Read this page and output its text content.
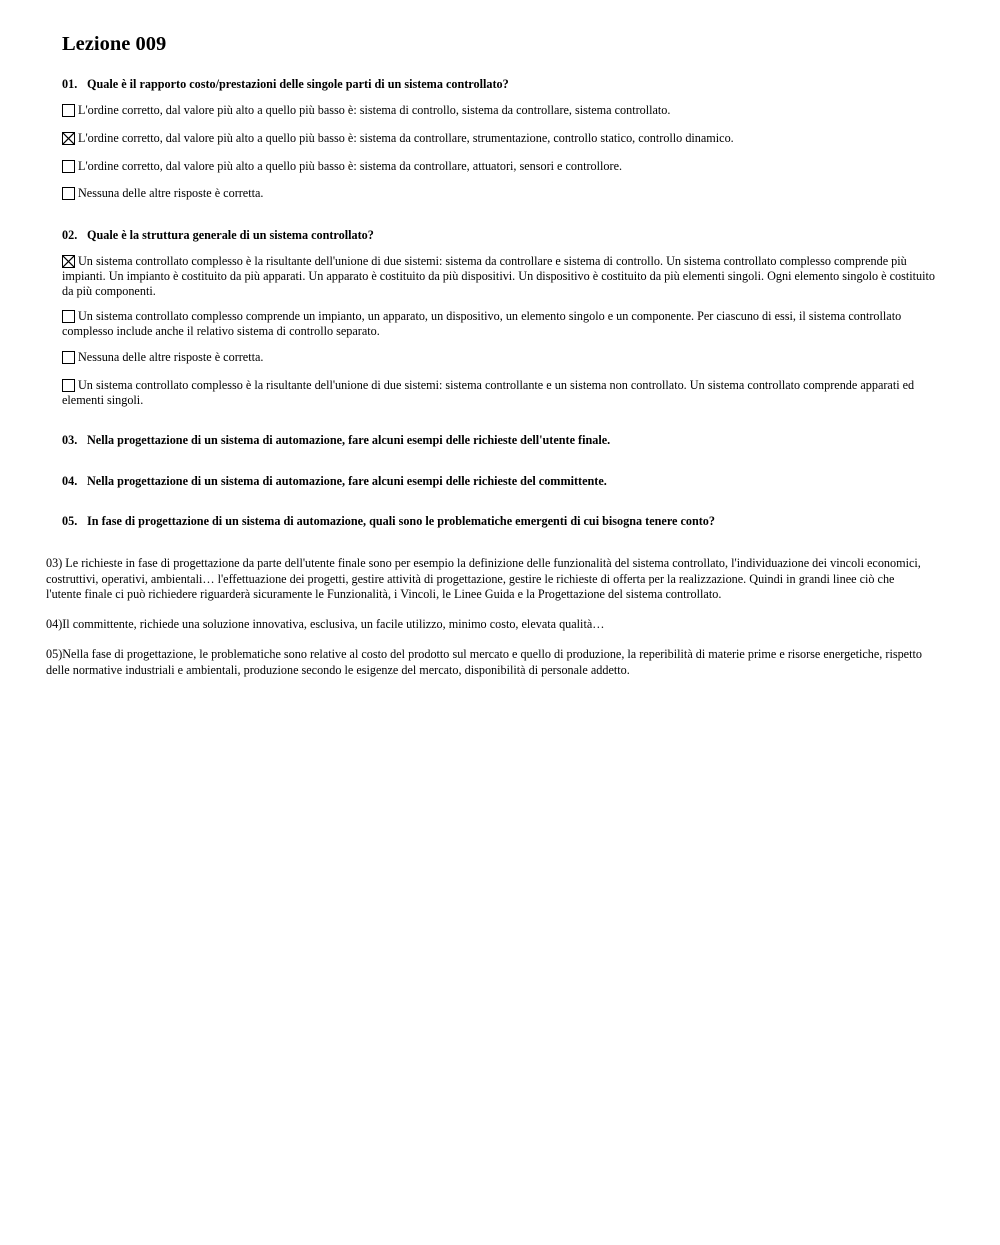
Lezione 009

01. Quale è il rapporto costo/prestazioni delle singole parti di un sistema controllato?

L'ordine corretto, dal valore più alto a quello più basso è: sistema di controllo, sistema da controllare, sistema controllato.

L'ordine corretto, dal valore più alto a quello più basso è: sistema da controllare, strumentazione, controllo statico, controllo dinamico.

L'ordine corretto, dal valore più alto a quello più basso è: sistema da controllare, attuatori, sensori e controllore.

Nessuna delle altre risposte è corretta.

02. Quale è la struttura generale di un sistema controllato?

Un sistema controllato complesso è la risultante dell'unione di due sistemi: sistema da controllare e sistema di controllo. Un sistema controllato complesso comprende più impianti. Un impianto è costituito da più apparati. Un apparato è costituito da più dispositivi. Un dispositivo è costituito da più elementi singoli. Ogni elemento singolo è costituito da più componenti.

Un sistema controllato complesso comprende un impianto, un apparato, un dispositivo, un elemento singolo e un componente. Per ciascuno di essi, il sistema controllato complesso include anche il relativo sistema di controllo separato.

Nessuna delle altre risposte è corretta.

Un sistema controllato complesso è la risultante dell'unione di due sistemi: sistema controllante e un sistema non controllato. Un sistema controllato comprende apparati ed elementi singoli.

03. Nella progettazione di un sistema di automazione, fare alcuni esempi delle richieste dell'utente finale.

04. Nella progettazione di un sistema di automazione, fare alcuni esempi delle richieste del committente.

05. In fase di progettazione di un sistema di automazione, quali sono le problematiche emergenti di cui bisogna tenere conto?

03) Le richieste in fase di progettazione da parte dell'utente finale sono per esempio la definizione delle funzionalità del sistema controllato, l'individuazione dei vincoli economici, costruttivi, operativi, ambientali… l'effettuazione dei progetti, gestire attività di progettazione, gestire le richieste di offerta per la realizzazione. Quindi in grandi linee ciò che l'utente finale ci può richiedere riguarderà sicuramente le Funzionalità, i Vincoli, le Linee Guida e la Progettazione del sistema controllato.

04)Il committente, richiede una soluzione innovativa, esclusiva, un facile utilizzo, minimo costo, elevata qualità…

05)Nella fase di progettazione, le problematiche sono relative al costo del prodotto sul mercato e quello di produzione, la reperibilità di materie prime e risorse energetiche, rispetto delle normative industriali e ambientali, produzione secondo le esigenze del mercato, disponibilità di personale addetto.
